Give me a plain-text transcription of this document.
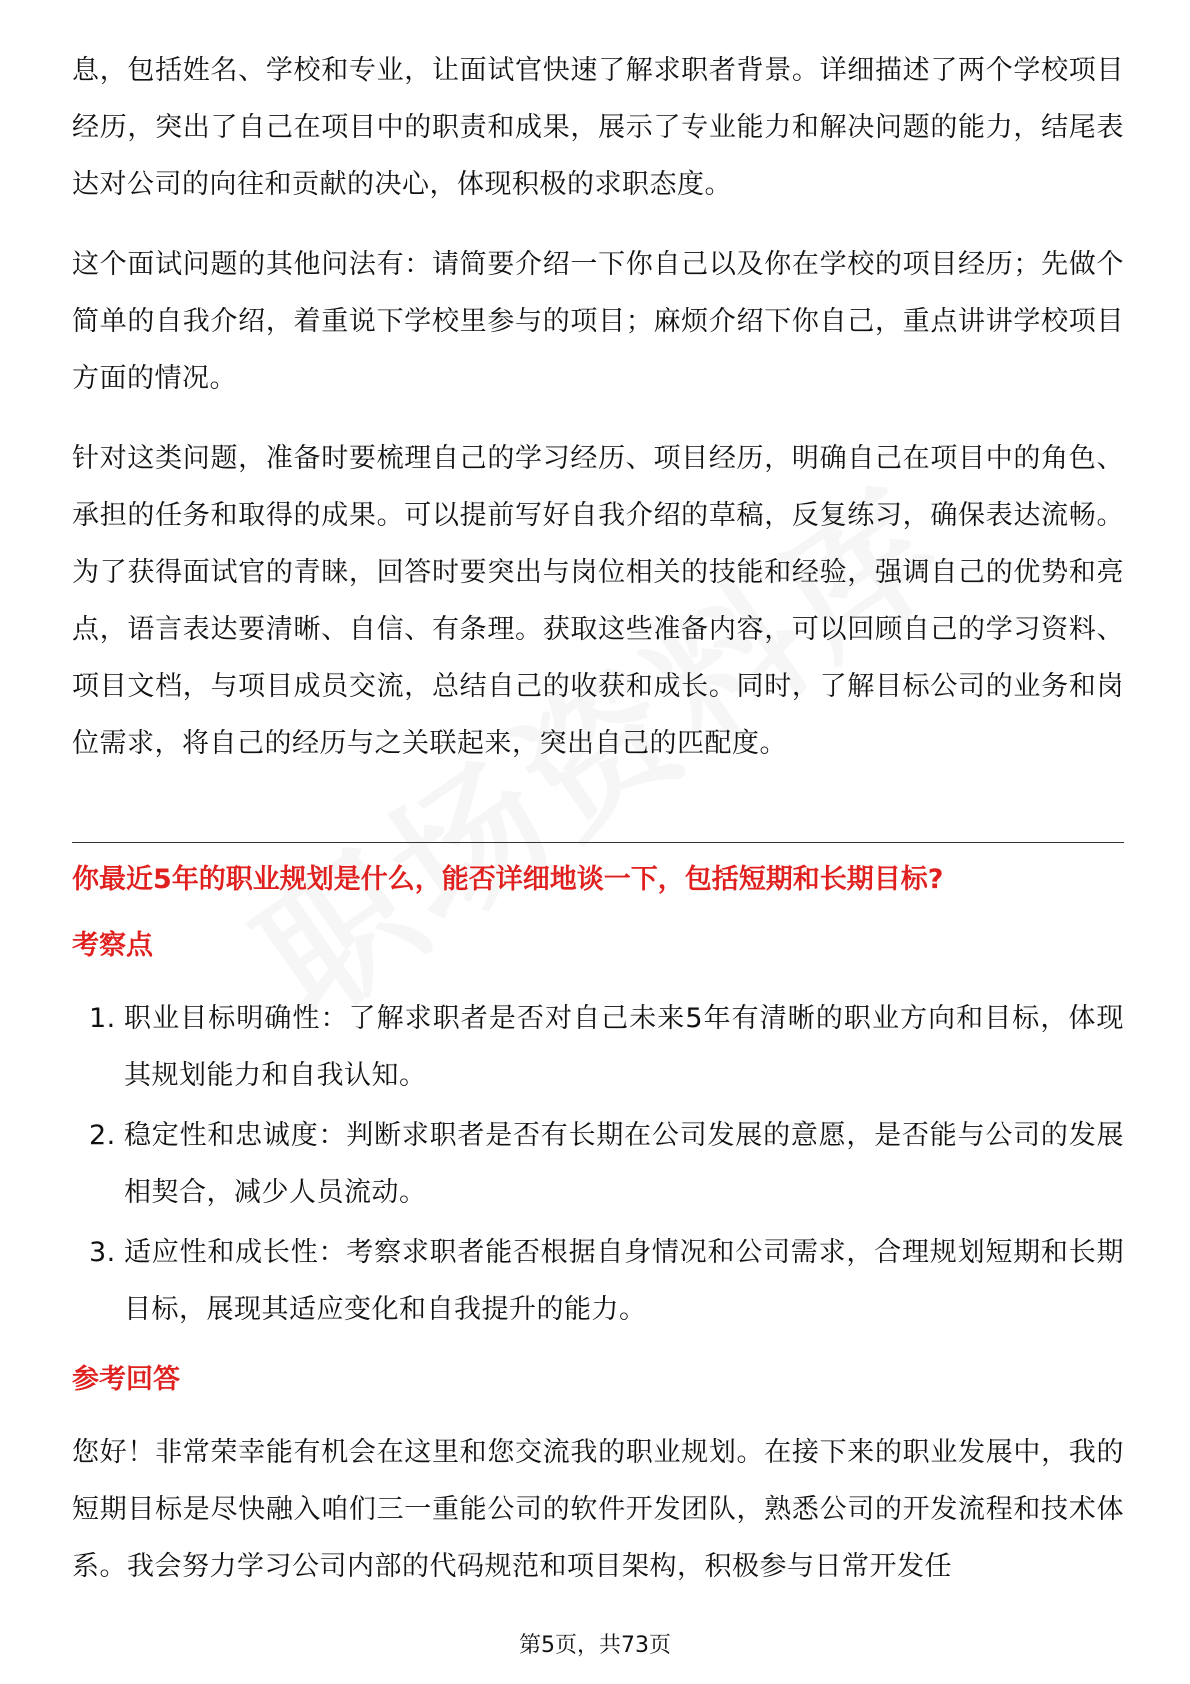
息，包括姓名、学校和专业，让面试官快速了解求职者背景。详细描述了两个学校项目经历，突出了自己在项目中的职责和成果，展示了专业能力和解决问题的能力，结尾表达对公司的向往和贡献的决心，体现积极的求职态度。

这个面试问题的其他问法有：请简要介绍一下你自己以及你在学校的项目经历；先做个简单的自我介绍，着重说下学校里参与的项目；麻烦介绍下你自己，重点讲讲学校项目方面的情况。

针对这类问题，准备时要梳理自己的学习经历、项目经历，明确自己在项目中的角色、承担的任务和取得的成果。可以提前写好自我介绍的草稿，反复练习，确保表达流畅。为了获得面试官的青睐，回答时要突出与岗位相关的技能和经验，强调自己的优势和亮点，语言表达要清晰、自信、有条理。获取这些准备内容，可以回顾自己的学习资料、项目文档，与项目成员交流，总结自己的收获和成长。同时，了解目标公司的业务和岗位需求，将自己的经历与之关联起来，突出自己的匹配度。

你最近5年的职业规划是什么，能否详细地谈一下，包括短期和长期目标?

考察点

1. 职业目标明确性：了解求职者是否对自己未来5年有清晰的职业方向和目标，体现其规划能力和自我认知。
2. 稳定性和忠诚度：判断求职者是否有长期在公司发展的意愿，是否能与公司的发展相契合，减少人员流动。
3. 适应性和成长性：考察求职者能否根据自身情况和公司需求，合理规划短期和长期目标，展现其适应变化和自我提升的能力。

参考回答

您好！非常荣幸能有机会在这里和您交流我的职业规划。在接下来的职业发展中，我的短期目标是尽快融入咱们三一重能公司的软件开发团队，熟悉公司的开发流程和技术体系。我会努力学习公司内部的代码规范和项目架构，积极参与日常开发任

第5页，共73页
